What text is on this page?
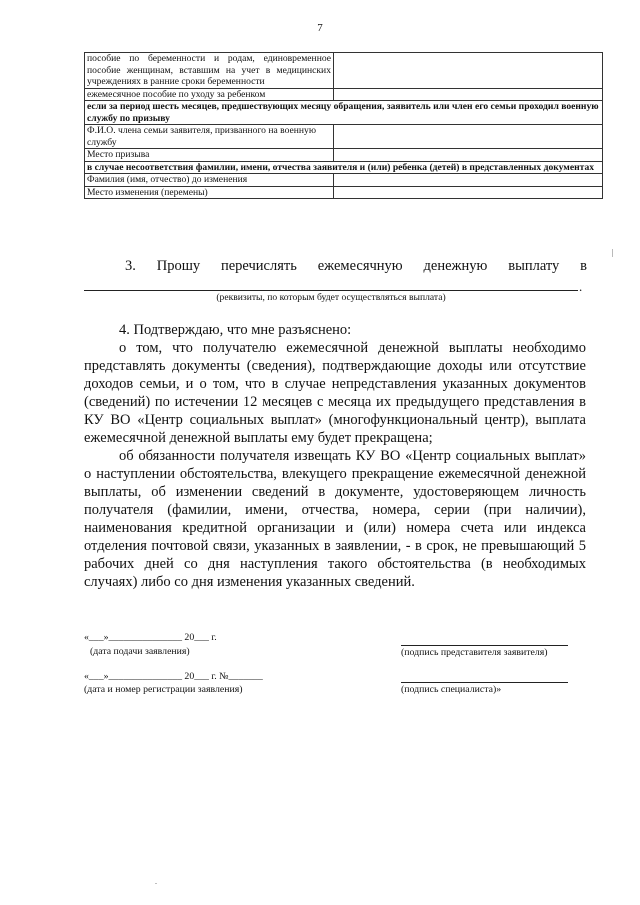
7
пособие по беременности и родам, единовременное пособие женщинам, вставшим на учет в медицинских учреждениях в ранние сроки беременности	
ежемесячное пособие по уходу за ребенком	
если за период шесть месяцев, предшествующих месяцу обращения, заявитель или член его семьи проходил военную службу по призыву	
Ф.И.О. члена семьи заявителя, призванного на военную службу	
Место призыва	
в случае несоответствия фамилии, имени, отчества заявителя и (или) ребенка (детей) в представленных документах	
Фамилия (имя, отчество) до изменения	
Место изменения (перемены)	
3. Прошу перечислять ежемесячную денежную выплату в
.
(реквизиты, по которым будет осуществляться выплата)

4. Подтверждаю, что мне разъяснено:

о том, что получателю ежемесячной денежной выплаты необходимо представлять документы (сведения), подтверждающие доходы или отсутствие доходов семьи, и о том, что в случае непредставления указанных документов (сведений) по истечении 12 месяцев с месяца их предыдущего представления в КУ ВО «Центр социальных выплат» (многофункциональный центр), выплата ежемесячной денежной выплаты ему будет прекращена;

об обязанности получателя извещать КУ ВО «Центр социальных выплат» о наступлении обстоятельства, влекущего прекращение ежемесячной денежной выплаты, об изменении сведений в документе, удостоверяющем личность получателя (фамилии, имени, отчества, номера, серии (при наличии), наименования кредитной организации и (или) номера счета или индекса отделения почтовой связи, указанных в заявлении, - в срок, не превышающий 5 рабочих дней со дня наступления такого обстоятельства (в необходимых случаях) либо со дня изменения указанных сведений.

«___»_______________ 20___ г.
(дата подачи заявления)	(подпись представителя заявителя)
«___»_______________ 20___ г. №_______
(дата и номер регистрации заявления)	(подпись специалиста)»
|
.
